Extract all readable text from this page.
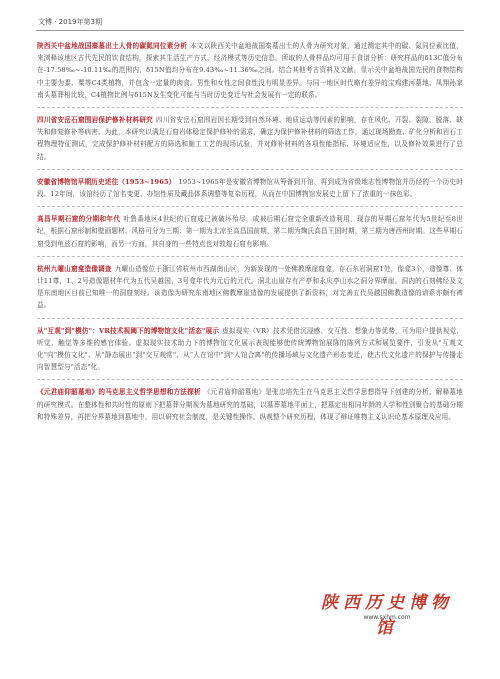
文博 · 2019年第3期

陕西关中盆地战国秦墓出土人骨的碳氮同位素分析 本文以陕西关中盆地战国秦墓出土的人骨为研究对象，通过测定其中的碳、氮同位素比值，来浏释该地区古代先民的饮食结构，探索其生活生产方式、经济模式等历史信息。所取的人骨样品均可用于食谱分析：研究样品的δ13C值分布在-17.58‰~-10.11‰的范围内，δ15N值均分布在9.43‰~11.36‰之间。结合其他考古资料及文献，显示关中盆地战国先民的食物结构中主要为黍、粟等C4类植物，并包含一定量的肉食。男性和女性之间食性没有明显差异。与同一地区时代略有差异的宝鸡建河墓地、凤翔孙家南头墓葬相比较，C4植物比例与δ15N发生变化可能与当时历史变迁与社会发展有一定的联系。

四川省安岳石窟围岩保护修补材料研究 四川省安岳石窟围岩因长期受到自然环境、地质运动等因素的影响，存在风化、开裂、裂隙、脱落、缺失和修复修补等病害。为此，本研究以满足石窟岩体稳定保护修补的需求，确定为保护修补材料的筛选工作，通过现场勘查、矿化分析和岩石工程物理特征测试，完成保护修补材料配方的筛选和施工工艺的现场试验，并对修补材料的各项性能指标、环境适应性，以及修补效果进行了总结。

安徽省博物馆早期历史述往（1953~1965） 1953~1965年是安徽省博物馆从筹备到开馆，再到成为省级地志性博物馆并历经的一个历史时段。12年间，该馆经历了馆名变更、办馆性质及藏品体系调整等复杂历程，从而在中国博物馆发展史上留下了浓重的一抹色彩。

高昌早期石窟的分期和年代 吐鲁番地区4世纪的石窟成已被破坏殆尽，或被后期石窟完全重新改造利用，现存的早期石窟年代为5世纪至8世纪，根据石窟形制和壁画题材、风格可分为三期：第一期为北凉至高昌国前期，第二期为麹氏高昌王国时期，第三期为唐西州时期。这些早期石窟受到龟兹石窟的影响，而另一方面，其自身的一些特点也对敦煌石窟有影响。

杭州九曜山窟龛造像调查 九曜山造像位于浙江省杭州市西湖南山区，为新发现的一处佛教摩崖窟龛，存石东岩洞窟1处，像龛3个，造像尊、体计11尊，1、2号造像题材年代为五代吴越国，3号龛年代为元后的元代。洞北山崖存有产亭和永庆亭山水之洞分界摩崖。洞内的石刻佛经及文是东南地区目前已知唯一的洞窟刻经。该造像为研究东南地区佛教摩崖造像的发展提供了新资料，对完善五代吴越国佛教造像的谱系亦颇有裨益。

从"互观"到"模仿"：VR技术视阈下的博物馆文化"活态"展示 虚拟现实（VR）技术凭借沉浸感、交互性、想象力等优势，可为用户提供视觉、听觉、触觉等多维的感官体验。虚拟现实技术助力下的博物馆文化展示表现能够使传统博物馆展陈的陈列方式和展览要件，引发从"互观文化"向"模仿文化"、从"静态展出"到"交互观赏"、从"人在馆中"到"人馆合离"的传播场域与文化遗产形态变迁，使古代文化遗产的保护与传播走向智慧型与"活态"化。

《元君庙仰韶墓地》的马克思主义哲学思想和方法探析 《元君庙仰韶墓地》是张忠培先生在马克思主义哲学思想指导下创建的分析、解释墓地的研究模式。在整体性和共时性的原则下把墓葬分期视为墓地研究的基础，以墓葬墓地平面上，把墓定出相同年龄的人学和性别聚合的基础分期和特殊差异，再把分界墓地到墓地中，用以研究社会制度，是关键性操作。纵观整个研究历程，体现了辩证唯物主义认识论基本原理及应用。

陕西历史博物馆
www.sxhm.com
